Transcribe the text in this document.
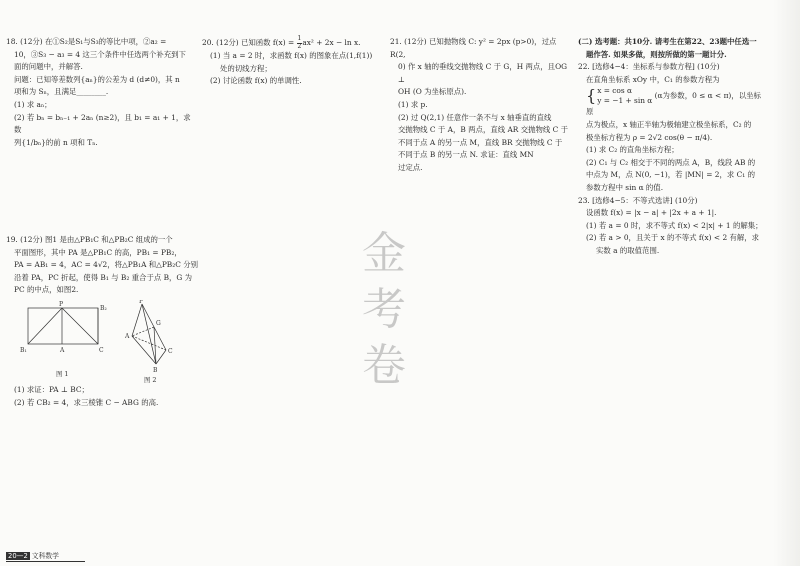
18. (12分) 在①S₂是S₁与S₃的等比中项，②a₂ =

10，③S₃ − a₃ = 4 这三个条件中任选两个补充到下

面的问题中，并解答.

问题：已知等差数列{aₙ}的公差为 d (d≠0)，其 n

项和为 Sₙ，且满足________.

(1) 求 aₙ；

(2) 若 bₙ = bₙ₋₁ + 2aₙ (n≥2)，且 b₁ = a₁ + 1，求数

列{1/bₙ}的前 n 项和 Tₙ.

19. (12分) 图1 是由△PB₁C 和△PB₂C 组成的一个

平面图形，其中 PA 是△PB₁C 的高，PB₁ = PB₂，

PA = AB₁ = 4，AC = 4√2，将△PB₁A 和△PB₂C 分别

沿着 PA，PC 折起，使得 B₁ 与 B₂ 重合于点 B，G 为

PC 的中点，如图2.

P
B₂
B₁	A	C
图 1
P
G
A
B
C
图 2

(1) 求证：PA ⊥ BC；

(2) 若 CB₂ = 4，求三棱锥 C − ABG 的高.

20. (12分) 已知函数 $f(x) = \frac{1}{2} ax^2 + 2x - \ln x$.

(1) 当 a = 2 时，求函数 f(x) 的图象在点(1,f(1))

处的切线方程；

(2) 讨论函数 f(x) 的单调性.

金
考
卷

21. (12分) 已知抛物线 C: y² = 2px (p>0)，过点 R(2,

0) 作 x 轴的垂线交抛物线 C 于 G，H 两点，且OG ⊥

OH (O 为坐标原点).

(1) 求 p.

(2) 过 Q(2,1) 任意作一条不与 x 轴垂直的直线

交抛物线 C 于 A，B 两点，直线 AR 交抛物线 C 于

不同于点 A 的另一点 M，直线 BR 交抛物线 C 于

不同于点 B 的另一点 N. 求证：直线 MN

过定点.

(二) 选考题：共10分. 请考生在第22、23题中任选一

题作答. 如果多做，则按所做的第一题计分.

22. [选修4−4：坐标系与参数方程] (10分)

在直角坐标系 xOy 中，C₁ 的参数方程为

{ x = cos α
y = −1 + sin α
(α为参数，0 ≤ α < π)，以坐标原

点为极点，x 轴正半轴为极轴建立极坐标系，C₂ 的

极坐标方程为 ρ = 2√2 cos(θ − π/4).

(1) 求 C₂ 的直角坐标方程；

(2) C₁ 与 C₂ 相交于不同的两点 A，B，线段 AB 的

中点为 M，点 N(0, −1)，若 |MN| = 2，求 C₁ 的

参数方程中 sin α 的值.

23. [选修4−5：不等式选讲] (10分)

设函数 f(x) = |x − a| + |2x + a + 1|.

(1) 若 a = 0 时，求不等式 f(x) < 2|x| + 1 的解集；

(2) 若 a > 0，且关于 x 的不等式 f(x) < 2 有解，求

实数 a 的取值范围.

20—2 文科数学
